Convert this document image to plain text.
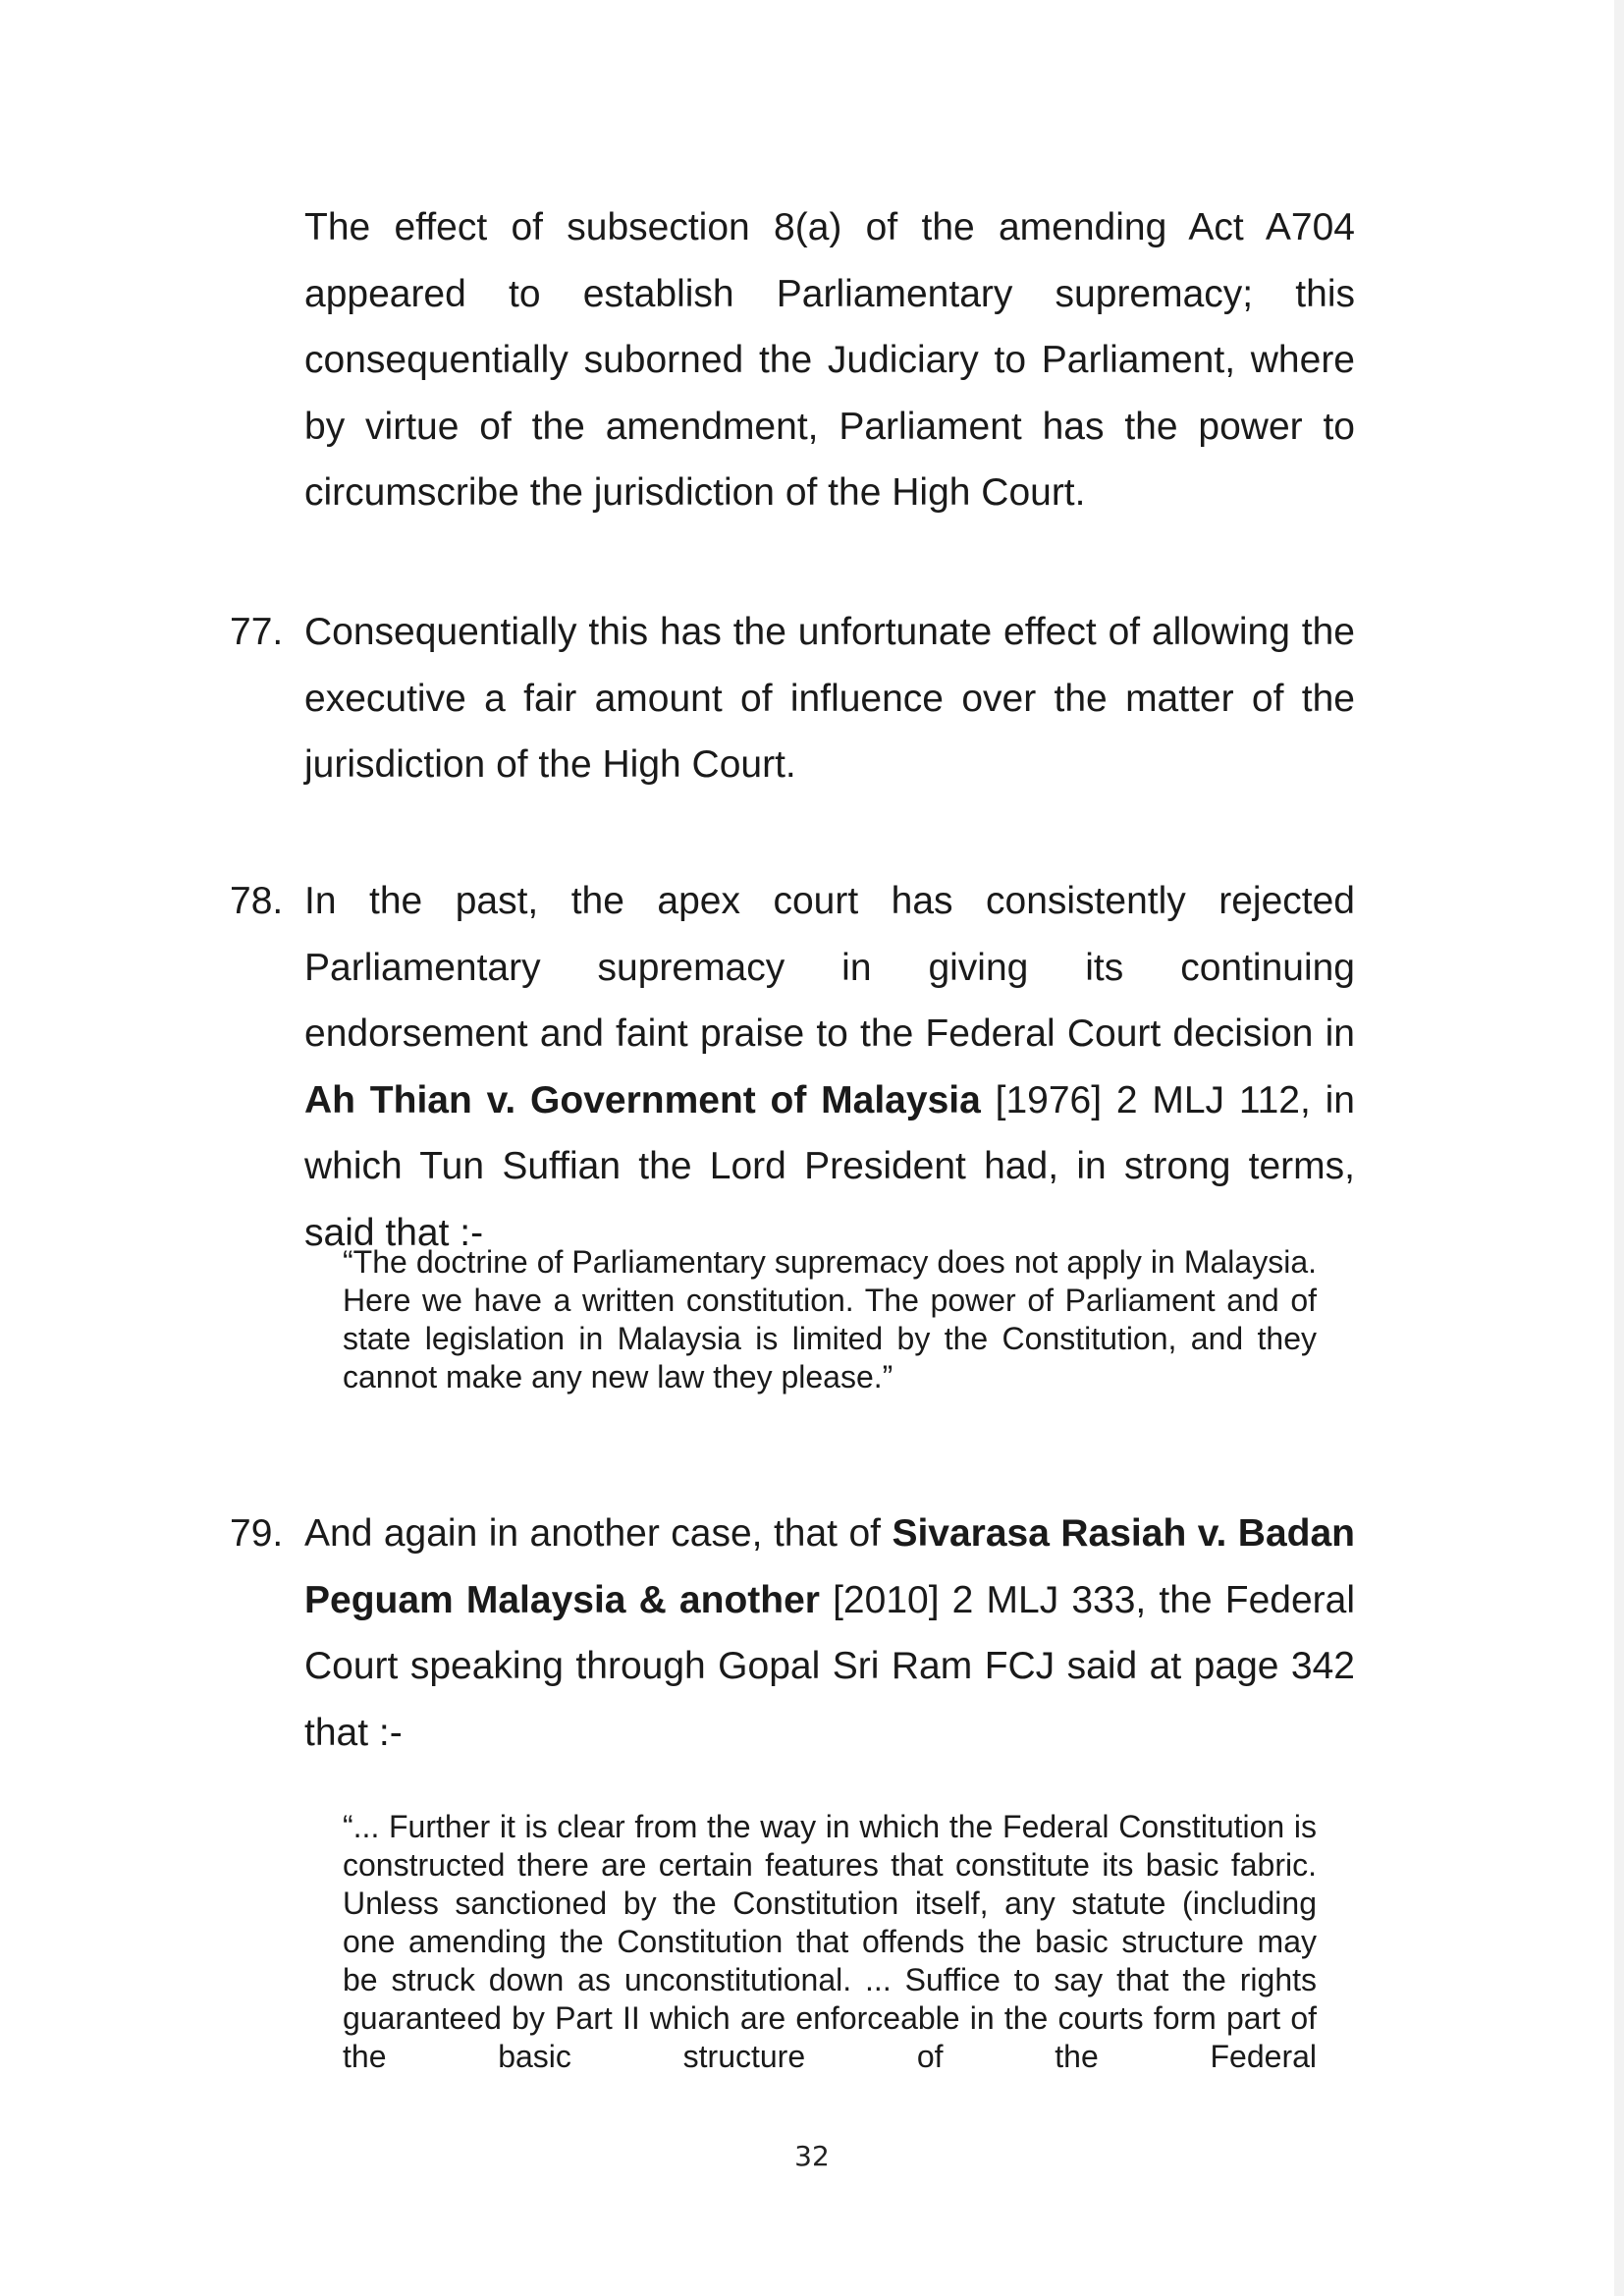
The effect of subsection 8(a) of the amending Act A704 appeared to establish Parliamentary supremacy; this consequentially suborned the Judiciary to Parliament, where by virtue of the amendment, Parliament has the power to circumscribe the jurisdiction of the High Court.

77. Consequentially this has the unfortunate effect of allowing the executive a fair amount of influence over the matter of the jurisdiction of the High Court.

78. In the past, the apex court has consistently rejected Parliamentary supremacy in giving its continuing endorsement and faint praise to the Federal Court decision in Ah Thian v. Government of Malaysia [1976] 2 MLJ 112, in which Tun Suffian the Lord President had, in strong terms, said that :-

“The doctrine of Parliamentary supremacy does not apply in Malaysia. Here we have a written constitution. The power of Parliament and of state legislation in Malaysia is limited by the Constitution, and they cannot make any new law they please.”

79. And again in another case, that of Sivarasa Rasiah v. Badan Peguam Malaysia & another [2010] 2 MLJ 333, the Federal Court speaking through Gopal Sri Ram FCJ said at page 342 that :-

“... Further it is clear from the way in which the Federal Constitution is constructed there are certain features that constitute its basic fabric. Unless sanctioned by the Constitution itself, any statute (including one amending the Constitution that offends the basic structure may be struck down as unconstitutional. ... Suffice to say that the rights guaranteed by Part II which are enforceable in the courts form part of the basic structure of the Federal

32
